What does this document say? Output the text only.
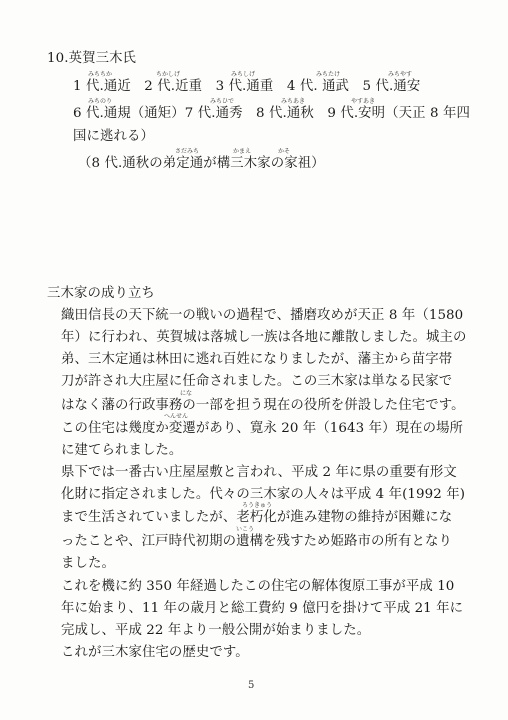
10.英賀三木氏
みちちか	ちかしげ	みちしげ	みちたけ	みちやす
1 代.通近　2 代.近重　3 代.通重　4 代. 通武　5 代.通安
みちのり	みちひで	みちあき	やすあき
6 代.通規（通矩）7 代.通秀　8 代.通秋　9 代.安明（天正 8 年四
国に逃れる）
さだみち	かまえ	かそ
（8 代.通秋の弟定通が構三木家の家祖）
三木家の成り立ち
織田信長の天下統一の戦いの過程で、播磨攻めが天正 8 年（1580
年）に行われ、英賀城は落城し一族は各地に離散しました。城主の
弟、三木定通は林田に逃れ百姓になりましたが、藩主から苗字帯
刀が許され大庄屋に任命されました。この三木家は単なる民家で
にな
はなく藩の行政事務の一部を担う現在の役所を併設した住宅です。
へんせん
この住宅は幾度か変遷があり、寛永 20 年（1643 年）現在の場所
に建てられました。
県下では一番古い庄屋屋敷と言われ、平成 2 年に県の重要有形文
化財に指定されました。代々の三木家の人々は平成 4 年(1992 年)
ろうきゅう
まで生活されていましたが、老朽化が進み建物の維持が困難にな
いこう
ったことや、江戸時代初期の遺構を残すため姫路市の所有となり
ました。
これを機に約 350 年経過したこの住宅の解体復原工事が平成 10
年に始まり、11 年の歳月と総工費約 9 億円を掛けて平成 21 年に
完成し、平成 22 年より一般公開が始まりました。
これが三木家住宅の歴史です。
5
